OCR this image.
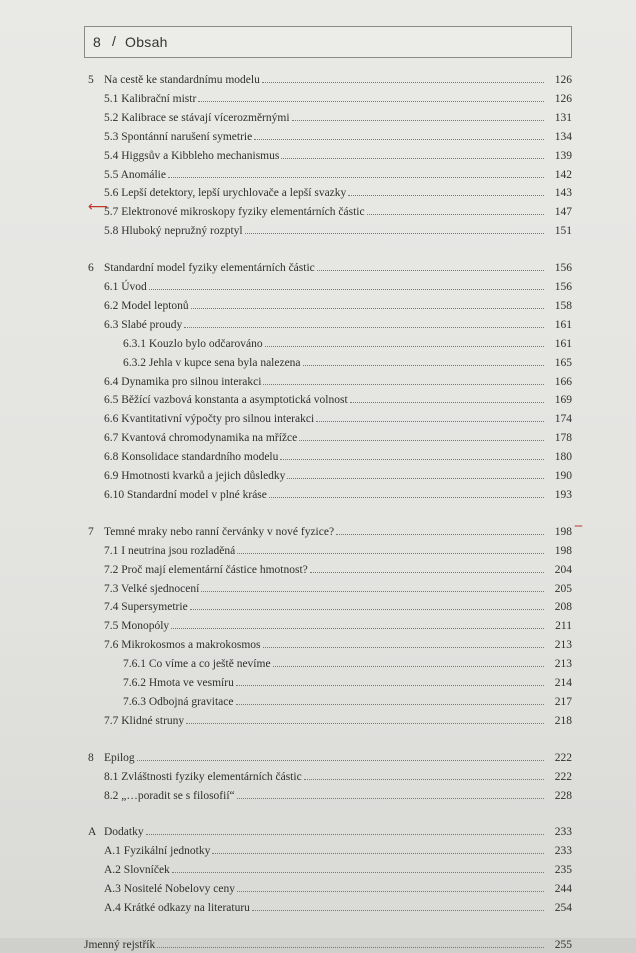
8 / Obsah
5 Na cestě ke standardnímu modelu	126
5.1 Kalibrační mistr	126
5.2 Kalibrace se stávají vícerozměrnými	131
5.3 Spontánní narušení symetrie	134
5.4 Higgsův a Kibbleho mechanismus	139
5.5 Anomálie	142
5.6 Lepší detektory, lepší urychlovače a lepší svazky	143
5.7 Elektronové mikroskopy fyziky elementárních částic	147
5.8 Hluboký nepružný rozptyl	151
6 Standardní model fyziky elementárních částic	156
6.1 Úvod	156
6.2 Model leptonů	158
6.3 Slabé proudy	161
6.3.1 Kouzlo bylo odčarováno	161
6.3.2 Jehla v kupce sena byla nalezena	165
6.4 Dynamika pro silnou interakci	166
6.5 Běžící vazbová konstanta a asymptotická volnost	169
6.6 Kvantitativní výpočty pro silnou interakci	174
6.7 Kvantová chromodynamika na mřížce	178
6.8 Konsolidace standardního modelu	180
6.9 Hmotnosti kvarků a jejich důsledky	190
6.10 Standardní model v plné kráse	193
7 Temné mraky nebo ranní červánky v nové fyzice?	198
7.1 I neutrina jsou rozladěná	198
7.2 Proč mají elementární částice hmotnost?	204
7.3 Velké sjednocení	205
7.4 Supersymetrie	208
7.5 Monopóly	211
7.6 Mikrokosmos a makrokosmos	213
7.6.1 Co víme a co ještě nevíme	213
7.6.2 Hmota ve vesmíru	214
7.6.3 Odbojná gravitace	217
7.7 Klidné struny	218
8 Epilog	222
8.1 Zvláštnosti fyziky elementárních částic	222
8.2 „…poradit se s filosofií“	228
A Dodatky	233
A.1 Fyzikální jednotky	233
A.2 Slovníček	235
A.3 Nositelé Nobelovy ceny	244
A.4 Krátké odkazy na literaturu	254
Jmenný rejstřík	255
⟵
‒
